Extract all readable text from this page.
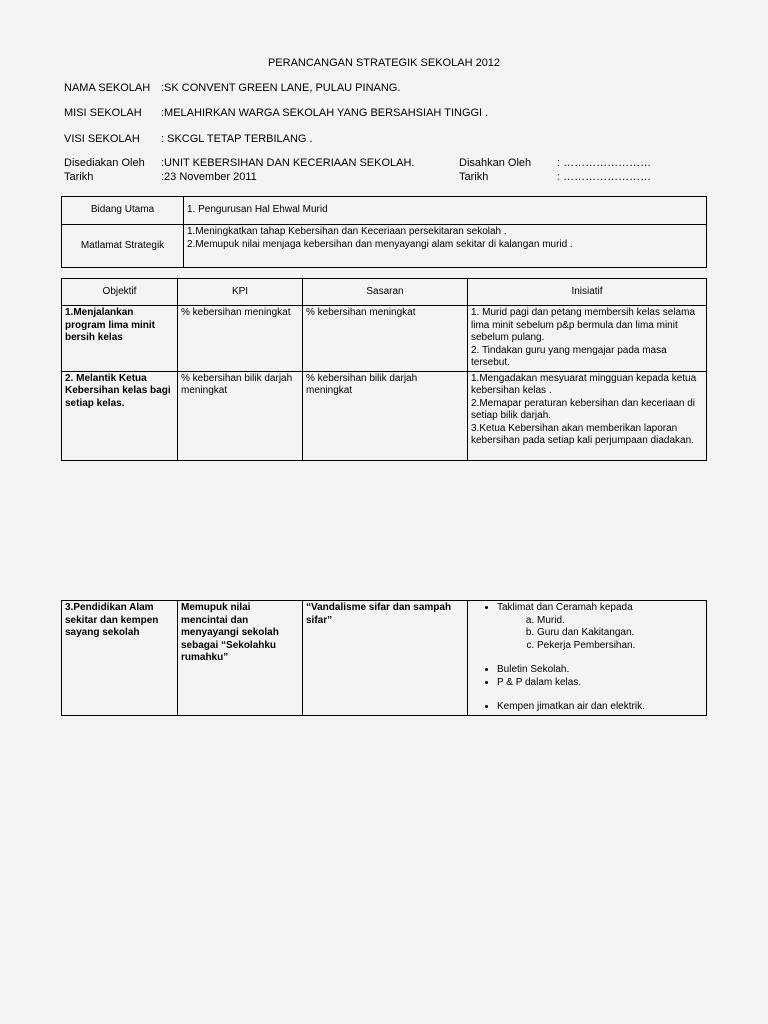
PERANCANGAN STRATEGIK SEKOLAH 2012
NAMA SEKOLAH :SK CONVENT GREEN LANE, PULAU PINANG.
MISI SEKOLAH :MELAHIRKAN WARGA SEKOLAH YANG BERSAHSIAH TINGGI .
VISI SEKOLAH : SKCGL TETAP TERBILANG .
Disediakan Oleh :UNIT KEBERSIHAN DAN KECERIAAN SEKOLAH.
Tarikh	:23 November 2011
Disahkan Oleh : ……………………
Tarikh	: ……………………
Bidang Utama	1. Pengurusan Hal Ehwal Murid
Matlamat Strategik	1.Meningkatkan tahap Kebersihan dan Keceriaan persekitaran sekolah .
2.Memupuk nilai menjaga kebersihan dan menyayangi alam sekitar di kalangan murid .
Objektif	KPI	Sasaran	Inisiatif
1.Menjalankan program lima minit bersih kelas	% kebersihan meningkat	% kebersihan meningkat	1. Murid pagi dan petang membersih kelas selama lima minit sebelum p&p bermula dan lima minit sebelum pulang.
2. Tindakan guru yang mengajar pada masa tersebut.

2. Melantik Ketua Kebersihan kelas bagi setiap kelas.	% kebersihan bilik darjah meningkat	% kebersihan bilik darjah meningkat	1.Mengadakan mesyuarat mingguan kepada ketua kebersihan kelas .
2.Memapar peraturan kebersihan dan keceriaan di setiap bilik darjah.
3.Ketua Kebersihan akan memberikan laporan kebersihan pada setiap kali perjumpaan diadakan.
3.Pendidikan Alam sekitar dan kempen sayang sekolah	Memupuk nilai mencintai dan menyayangi sekolah sebagai “Sekolahku rumahku”	“Vandalisme sifar dan sampah sifar”	
• Taklimat dan Ceramah kepada
a. Murid.
b. Guru dan Kakitangan.
c. Pekerja Pembersihan.
• Buletin Sekolah.
• P & P dalam kelas.
• Kempen jimatkan air dan elektrik.
